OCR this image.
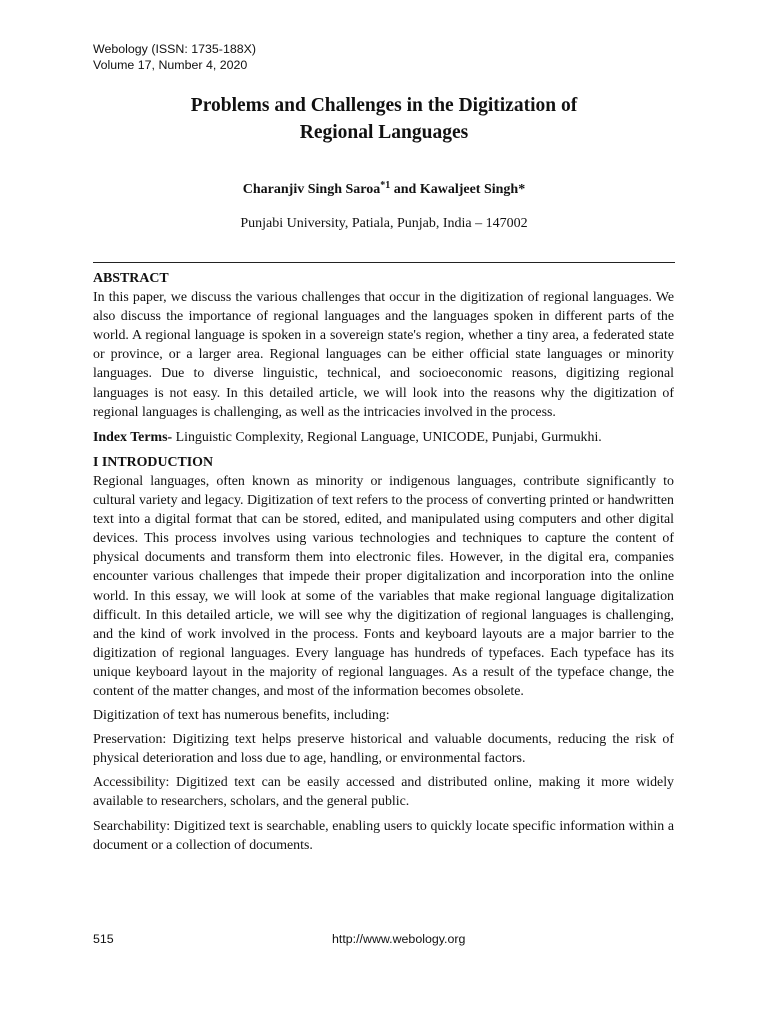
Webology (ISSN: 1735-188X)
Volume 17, Number 4, 2020
Problems and Challenges in the Digitization of
Regional Languages
Charanjiv Singh Saroa$^{*1}$ and Kawaljeet Singh*
Punjabi University, Patiala, Punjab, India – 147002

ABSTRACT

In this paper, we discuss the various challenges that occur in the digitization of regional languages. We also discuss the importance of regional languages and the languages spoken in different parts of the world. A regional language is spoken in a sovereign state's region, whether a tiny area, a federated state or province, or a larger area. Regional languages can be either official state languages or minority languages. Due to diverse linguistic, technical, and socioeconomic reasons, digitizing regional languages is not easy. In this detailed article, we will look into the reasons why the digitization of regional languages is challenging, as well as the intricacies involved in the process.

Index Terms- Linguistic Complexity, Regional Language, UNICODE, Punjabi, Gurmukhi.

I INTRODUCTION

Regional languages, often known as minority or indigenous languages, contribute significantly to cultural variety and legacy. Digitization of text refers to the process of converting printed or handwritten text into a digital format that can be stored, edited, and manipulated using computers and other digital devices. This process involves using various technologies and techniques to capture the content of physical documents and transform them into electronic files. However, in the digital era, companies encounter various challenges that impede their proper digitalization and incorporation into the online world. In this essay, we will look at some of the variables that make regional language digitalization difficult. In this detailed article, we will see why the digitization of regional languages is challenging, and the kind of work involved in the process. Fonts and keyboard layouts are a major barrier to the digitization of regional languages. Every language has hundreds of typefaces. Each typeface has its unique keyboard layout in the majority of regional languages. As a result of the typeface change, the content of the matter changes, and most of the information becomes obsolete.

Digitization of text has numerous benefits, including:

Preservation: Digitizing text helps preserve historical and valuable documents, reducing the risk of physical deterioration and loss due to age, handling, or environmental factors.

Accessibility: Digitized text can be easily accessed and distributed online, making it more widely available to researchers, scholars, and the general public.

Searchability: Digitized text is searchable, enabling users to quickly locate specific information within a document or a collection of documents.

515	http://www.webology.org
